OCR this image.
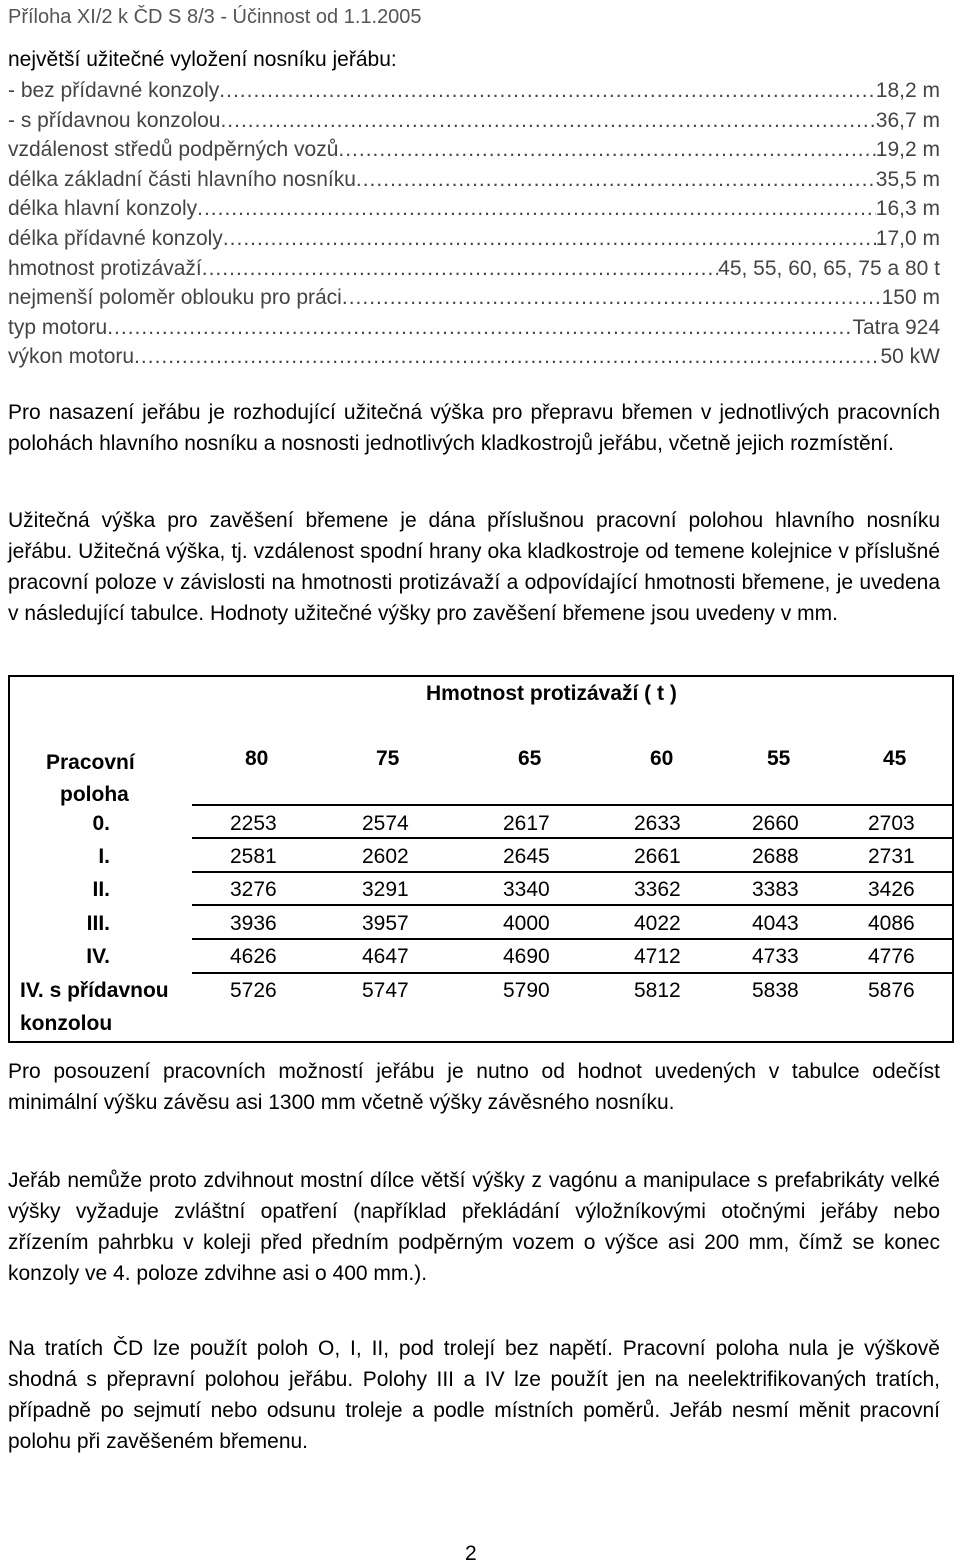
Příloha XI/2 k ČD S 8/3 - Účinnost od 1.1.2005
největší užitečné vyložení nosníku jeřábu:
- bez přídavné konzoly .....	18,2 m
- s přídavnou konzolou .....	36,7 m
vzdálenost středů podpěrných vozů .....	19,2 m
délka základní části hlavního nosníku .....	35,5 m
délka hlavní konzoly .....	16,3 m
délka přídavné konzoly .....	17,0 m
hmotnost protizávaží .....	45, 55, 60, 65, 75 a 80 t
nejmenší poloměr oblouku pro práci .....	150 m
typ motoru .....	Tatra 924
výkon motoru .....	50 kW
Pro nasazení jeřábu je rozhodující užitečná výška pro přepravu břemen v jednotlivých pracovních polohách hlavního nosníku a nosnosti jednotlivých kladkostrojů jeřábu, včetně jejich rozmístění.
Užitečná výška pro zavěšení břemene je dána příslušnou pracovní polohou hlavního nosníku jeřábu. Užitečná výška, tj. vzdálenost spodní hrany oka kladkostroje od temene kolejnice v příslušné pracovní poloze v závislosti na hmotnosti protizávaží a odpovídající hmotnosti břemene, je uvedena v následující tabulce. Hodnoty užitečné výšky pro zavěšení břemene jsou uvedeny v mm.
Hmotnost protizávaží ( t )
Pracovní
poloha
80	75	65	60	55	45
0.	2253	2574	2617	2633	2660	2703
I.	2581	2602	2645	2661	2688	2731
II.	3276	3291	3340	3362	3383	3426
III.	3936	3957	4000	4022	4043	4086
IV.	4626	4647	4690	4712	4733	4776
IV. s přídavnou
konzolou
5726	5747	5790	5812	5838	5876
Pro posouzení pracovních možností jeřábu je nutno od hodnot uvedených v tabulce odečíst minimální výšku závěsu asi 1300 mm včetně výšky závěsného nosníku.
Jeřáb nemůže proto zdvihnout mostní dílce větší výšky z vagónu a manipulace s prefabrikáty velké výšky vyžaduje zvláštní opatření (například překládání výložníkovými otočnými jeřáby nebo zřízením pahrbku v koleji před předním podpěrným vozem o výšce asi 200 mm, čímž se konec konzoly ve 4. poloze zdvihne asi o 400 mm.).
Na tratích ČD lze použít poloh O, I, II, pod trolejí bez napětí. Pracovní poloha nula je výškově shodná s přepravní polohou jeřábu. Polohy III a IV lze použít jen na neelektrifikovaných tratích, případně po sejmutí nebo odsunu troleje a podle místních poměrů. Jeřáb nesmí měnit pracovní polohu při zavěšeném břemenu.
2
